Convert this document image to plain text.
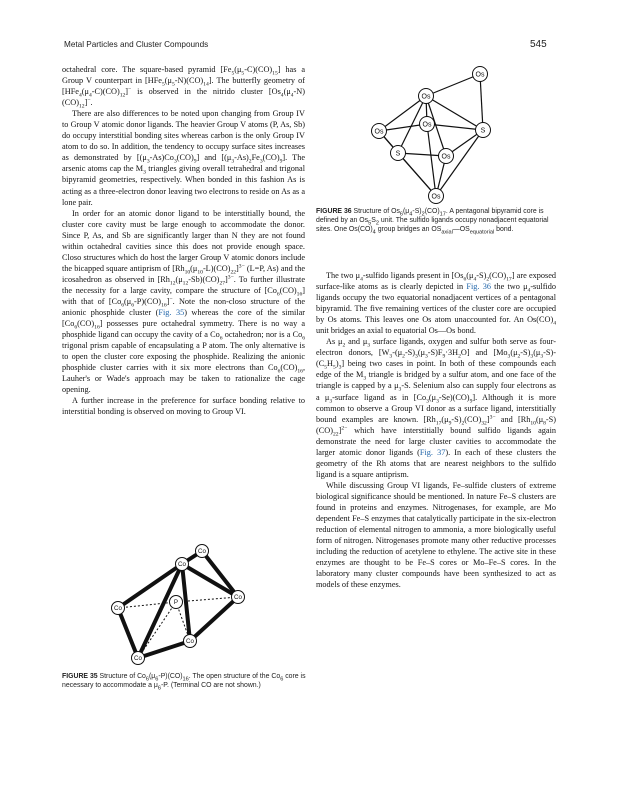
Metal Particles and Cluster Compounds	545

octahedral core. The square-based pyramid $[Fe_5(\mu_5-C)(CO)_{15}]$ has a Group V counterpart in $[HFe_5(\mu_5-N)(CO)_{14}]$. The butterfly geometry of $[HFe_4(\mu_4-C)(CO)_{12}]^-$ is observed in the nitrido cluster $[Os_4(\mu_4-N)(CO)_{12}]^-$.

There are also differences to be noted upon changing from Group IV to Group V atomic donor ligands. The heavier Group V atoms (P, As, Sb) do occupy interstitial bonding sites whereas carbon is the only Group IV atom to do so. In addition, the tendency to occupy surface sites increases as demonstrated by $[(\mu_3-As)Co_3(CO)_9]$ and $[(\mu_3-As)_2Fe_3(CO)_9]$. The arsenic atoms cap the $M_3$ triangles giving overall tetrahedral and trigonal bipyramid geometries, respectively. When bonded in this fashion As is acting as a three-electron donor leaving two electrons to reside on As as a lone pair.

In order for an atomic donor ligand to be interstitially bound, the cluster core cavity must be large enough to accommodate the donor. Since P, As, and Sb are significantly larger than N they are not found within octahedral cavities since this does not provide enough space. Closo structures which do host the larger Group V atomic donors include the bicapped square antiprism of $[Rh_{10}(\mu_{10}-L)(CO)_{22}]^{3-}$ (L=P, As) and the icosahedron as observed in $[Rh_{12}(\mu_{12}-Sb)(CO)_{27}]^{3-}$. To further illustrate the necessity for a large cavity, compare the structure of $[Co_6(CO)_{16}]$ with that of $[Co_6(\mu_6-P)(CO)_{16}]^-$. Note the non-closo structure of the anionic phosphide cluster (Fig. 35) whereas the core of the similar $[Co_6(CO)_{16}]$ possesses pure octahedral symmetry. There is no way a phosphide ligand can occupy the cavity of a $Co_6$ octahedron; nor is a $Co_6$ trigonal prism capable of encapsulating a P atom. The only alternative is to open the cluster core exposing the phosphide. Realizing the anionic phosphide cluster carries with it six more electrons than $Co_6(CO)_{16}$, Lauher's or Wade's approach may be taken to rationalize the cage opening.

A further increase in the preference for surface bonding relative to interstitial bonding is observed on moving to Group VI.

Co
Co
Co
Co
Co
Co
P
FIGURE 35 Structure of $Co_6(\mu_6-P)(CO)_{16}$. The open structure of the $Co_6$ core is necessary to accommodate a $\mu_6-P$. (Terminal CO are not shown.)
Os
Os
Os
Os
Os
Os
S
S
FIGURE 36 Structure of $Os_6(\mu_4-S)_2(CO)_{17}$. A pentagonal bipyramid core is defined by an $Os_5S_2$ unit. The sulfido ligands occupy nonadjacent equatorial sites. One $Os(CO)_4$ group bridges an $OS_{axial}—OS_{equatorial}$ bond.

The two $\mu_4$-sulfido ligands present in $[Os_6(\mu_4-S)_2(CO)_{17}]$ are exposed surface-like atoms as is clearly depicted in Fig. 36 the two $\mu_4$-sulfido ligands occupy the two equatorial nonadjacent vertices of a pentagonal bipyramid. The five remaining vertices of the cluster core are occupied by Os atoms. This leaves one Os atom unaccounted for. An $Os(CO)_4$ unit bridges an axial to equatorial Os—Os bond.

As $\mu_2$ and $\mu_3$ surface ligands, oxygen and sulfur both serve as four-electron donors, $[W_3-(\mu_2-S)_3(\mu_3-S)F_9\cdot 3H_2O]$ and $[Mo_3(\mu_2-S)_3(\mu_3-S)-(C_5H_5)_3]$ being two cases in point. In both of these compounds each edge of the $M_3$ triangle is bridged by a sulfur atom, and one face of the triangle is capped by a $\mu_3-S$. Selenium also can supply four electrons as a $\mu_3$-surface ligand as in $[Co_3(\mu_3-Se)(CO)_9]$. Although it is more common to observe a Group VI donor as a surface ligand, interstitially bound examples are known. $[Rh_{17}(\mu_9-S)_2(CO)_{32}]^{3-}$ and $[Rh_{10}(\mu_8-S)(CO)_{22}]^{2-}$ which have interstitially bound sulfido ligands again demonstrate the need for large cluster cavities to accommodate the larger atomic donor ligands (Fig. 37). In each of these clusters the geometry of the Rh atoms that are nearest neighbors to the sulfido ligand is a square antiprism.

While discussing Group VI ligands, Fe–sulfide clusters of extreme biological significance should be mentioned. In nature Fe–S clusters are found in proteins and enzymes. Nitrogenases, for example, are Mo dependent Fe–S enzymes that catalytically participate in the six-electron reduction of elemental nitrogen to ammonia, a more biologically useful form of nitrogen. Nitrogenases promote many other reductive processes including the reduction of acetylene to ethylene. The active site in these enzymes are thought to be Fe–S cores or Mo–Fe–S cores. In the laboratory many cluster compounds have been synthesized to act as models of these enzymes.
